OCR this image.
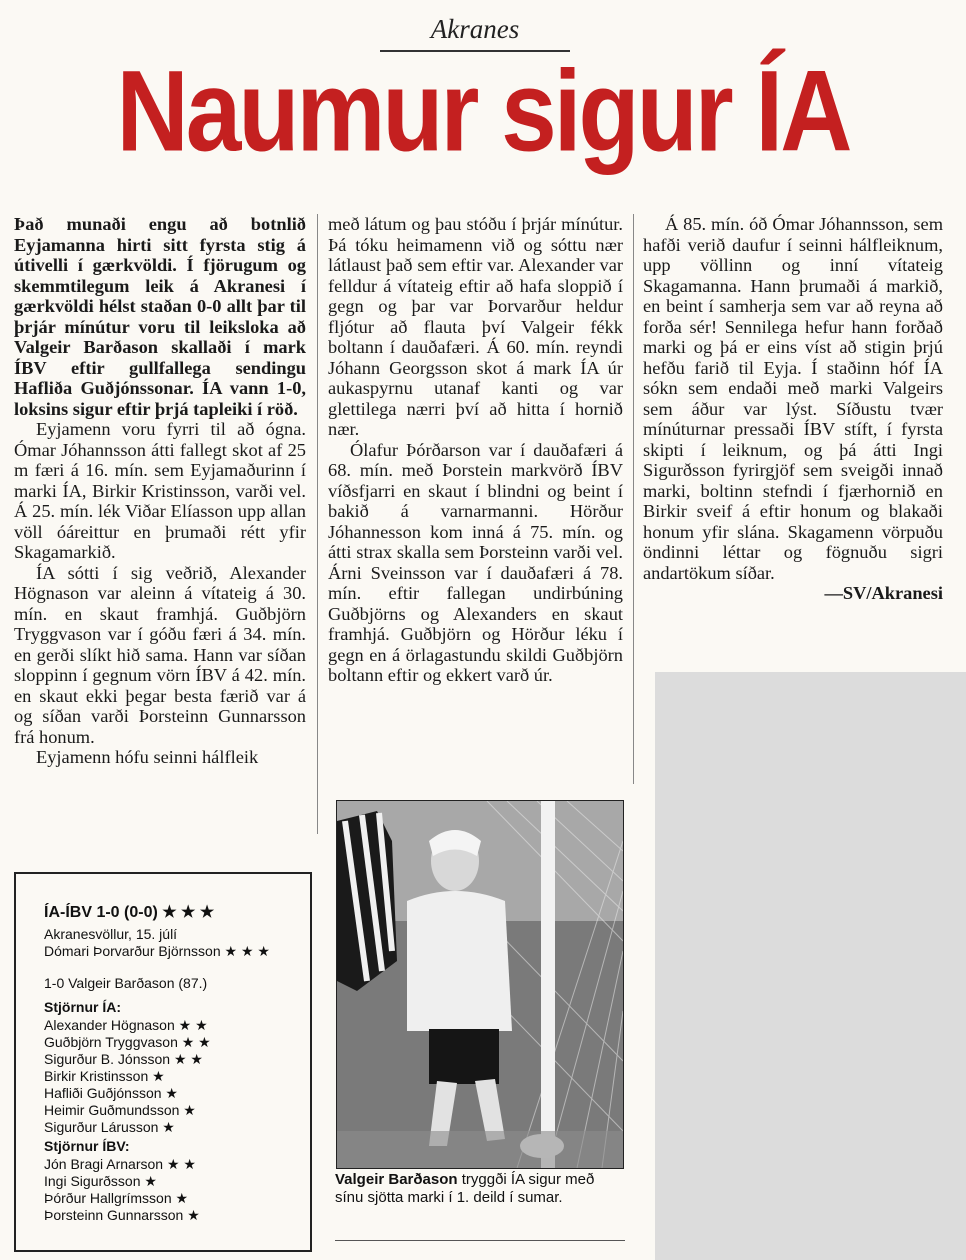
Akranes
Naumur sigur ÍA

Það munaði engu að botnlið Eyjamanna hirti sitt fyrsta stig á útivelli í gærkvöldi. Í fjörugum og skemmtilegum leik á Akranesi í gærkvöldi hélst staðan 0-0 allt þar til þrjár mínútur voru til leiksloka að Valgeir Barðason skallaði í mark ÍBV eftir gullfallega sendingu Hafliða Guðjónssonar. ÍA vann 1-0, loksins sigur eftir þrjá tapleiki í röð.

Eyjamenn voru fyrri til að ógna. Ómar Jóhannsson átti fallegt skot af 25 m færi á 16. mín. sem Eyjamaðurinn í marki ÍA, Birkir Kristinsson, varði vel. Á 25. mín. lék Viðar Elíasson upp allan völl óáreittur en þrumaði rétt yfir Skagamarkið.

ÍA sótti í sig veðrið, Alexander Högnason var aleinn á vítateig á 30. mín. en skaut framhjá. Guðbjörn Tryggvason var í góðu færi á 34. mín. en gerði slíkt hið sama. Hann var síðan sloppinn í gegnum vörn ÍBV á 42. mín. en skaut ekki þegar besta færið var á og síðan varði Þorsteinn Gunnarsson frá honum.

Eyjamenn hófu seinni hálfleik

með látum og þau stóðu í þrjár mínútur. Þá tóku heimamenn við og sóttu nær látlaust það sem eftir var. Alexander var felldur á vítateig eftir að hafa sloppið í gegn og þar var Þorvarður heldur fljótur að flauta því Valgeir fékk boltann í dauðafæri. Á 60. mín. reyndi Jóhann Georgsson skot á mark ÍA úr aukaspyrnu utanaf kanti og var glettilega nærri því að hitta í hornið nær.

Ólafur Þórðarson var í dauðafæri á 68. mín. með Þorstein markvörð ÍBV víðsfjarri en skaut í blindni og beint í bakið á varnarmanni. Hörður Jóhannesson kom inná á 75. mín. og átti strax skalla sem Þorsteinn varði vel. Árni Sveinsson var í dauðafæri á 78. mín. eftir fallegan undirbúning Guðbjörns og Alexanders en skaut framhjá. Guðbjörn og Hörður léku í gegn en á örlagastundu skildi Guðbjörn boltann eftir og ekkert varð úr.

Á 85. mín. óð Ómar Jóhannsson, sem hafði verið daufur í seinni hálfleiknum, upp völlinn og inní vítateig Skagamanna. Hann þrumaði á markið, en beint í samherja sem var að reyna að forða sér! Sennilega hefur hann forðað marki og þá er eins víst að stigin þrjú hefðu farið til Eyja. Í staðinn hóf ÍA sókn sem endaði með marki Valgeirs sem áður var lýst. Síðustu tvær mínúturnar pressaði ÍBV stíft, í fyrsta skipti í leiknum, og þá átti Ingi Sigurðsson fyrirgjöf sem sveigði innað marki, boltinn stefndi í fjærhornið en Birkir sveif á eftir honum og blakaði honum yfir slána. Skagamenn vörpuðu öndinni léttar og fögnuðu sigri andartökum síðar.

—SV/Akranesi
ÍA-ÍBV 1-0 (0-0) ★ ★ ★
Akranesvöllur, 15. júlí
Dómari Þorvarður Björnsson ★ ★ ★
1-0 Valgeir Barðason (87.)
Stjörnur ÍA:
Alexander Högnason ★ ★
Guðbjörn Tryggvason ★ ★
Sigurður B. Jónsson ★ ★
Birkir Kristinsson ★
Hafliði Guðjónsson ★
Heimir Guðmundsson ★
Sigurður Lárusson ★
Stjörnur ÍBV:
Jón Bragi Arnarson ★ ★
Ingi Sigurðsson ★
Þórður Hallgrímsson ★
Þorsteinn Gunnarsson ★
Valgeir Barðason tryggði ÍA sigur með sínu sjötta marki í 1. deild í sumar.
